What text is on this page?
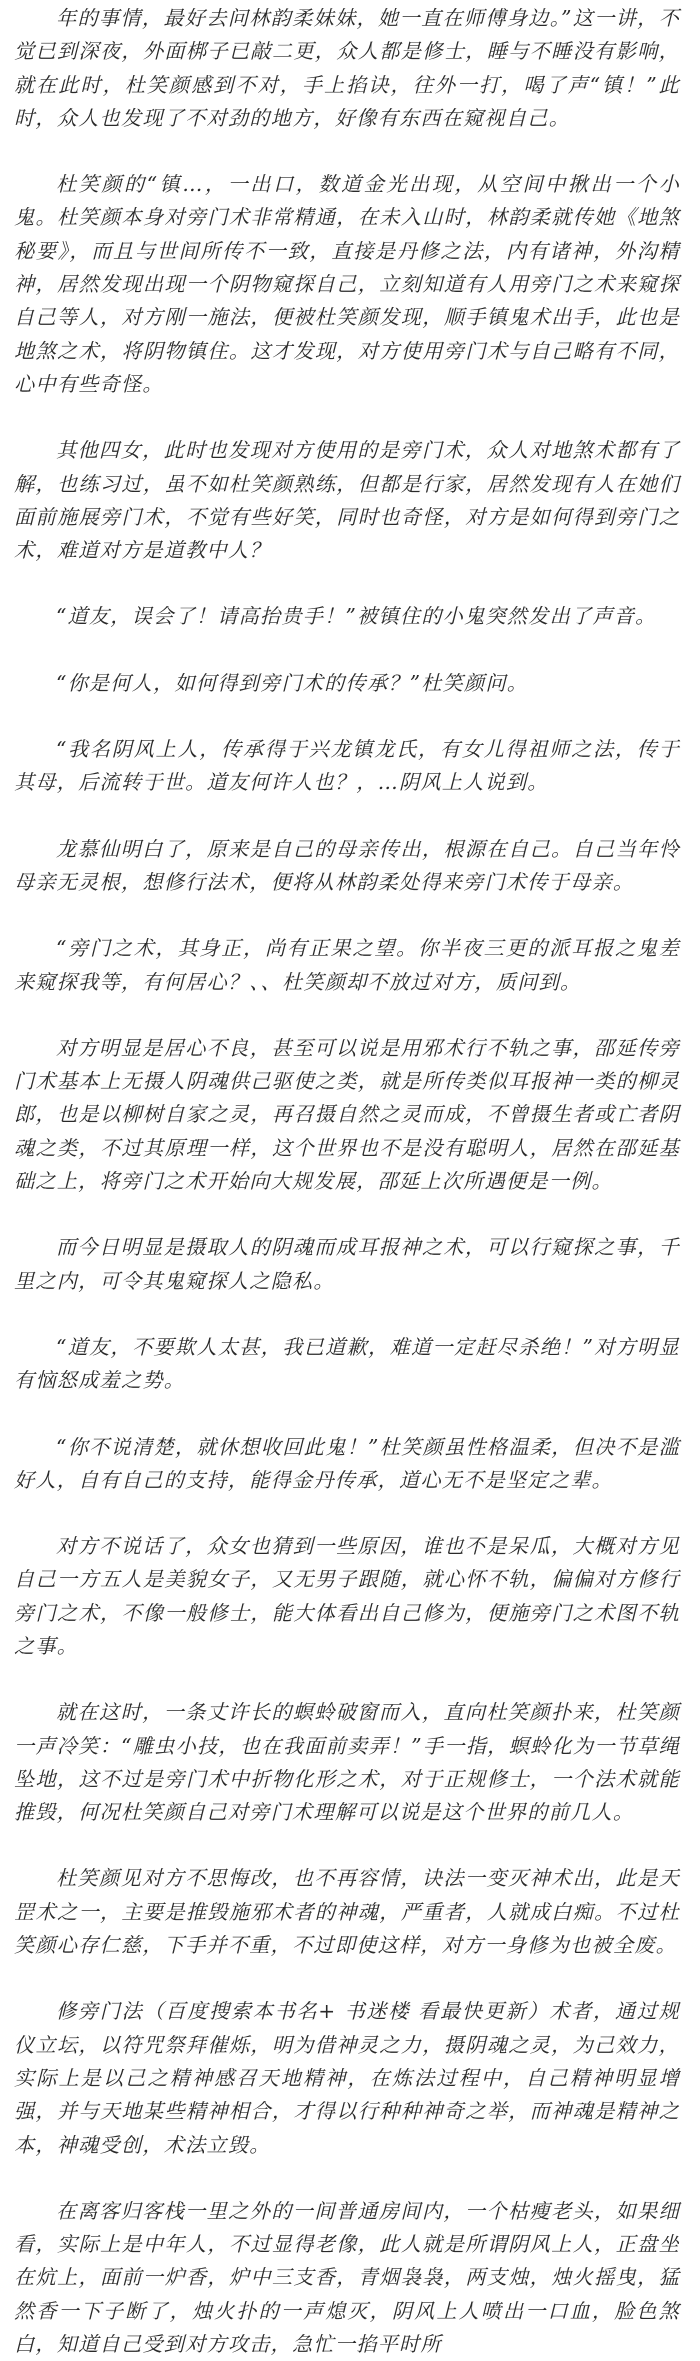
年的事情，最好去问林韵柔妹妹，她一直在师傅身边。”这一讲，不觉已到深夜，外面梆子已敲二更，众人都是修士，睡与不睡没有影响，就在此时，杜笑颜感到不对，手上掐诀，往外一打，喝了声“镇！”此时，众人也发现了不对劲的地方，好像有东西在窥视自己。

杜笑颜的“镇…，一出口，数道金光出现，从空间中揪出一个小鬼。杜笑颜本身对旁门术非常精通，在未入山时，林韵柔就传她《地煞秘要》，而且与世间所传不一致，直接是丹修之法，内有诸神，外沟精神，居然发现出现一个阴物窥探自己，立刻知道有人用旁门之术来窥探自己等人，对方刚一施法，便被杜笑颜发现，顺手镇鬼术出手，此也是地煞之术，将阴物镇住。这才发现，对方使用旁门术与自己略有不同，心中有些奇怪。

其他四女，此时也发现对方使用的是旁门术，众人对地煞术都有了解，也练习过，虽不如杜笑颜熟练，但都是行家，居然发现有人在她们面前施展旁门术，不觉有些好笑，同时也奇怪，对方是如何得到旁门之术，难道对方是道教中人？

“道友，误会了！请高抬贵手！”被镇住的小鬼突然发出了声音。

“你是何人，如何得到旁门术的传承？”杜笑颜问。

“我名阴风上人，传承得于兴龙镇龙氏，有女儿得祖师之法，传于其母，后流转于世。道友何许人也？，…阴风上人说到。

龙慕仙明白了，原来是自己的母亲传出，根源在自己。自己当年怜母亲无灵根，想修行法术，便将从林韵柔处得来旁门术传于母亲。

“旁门之术，其身正，尚有正果之望。你半夜三更的派耳报之鬼差来窥探我等，有何居心？、、杜笑颜却不放过对方，质问到。

对方明显是居心不良，甚至可以说是用邪术行不轨之事，邵延传旁门术基本上无摄人阴魂供己驱使之类，就是所传类似耳报神一类的柳灵郎，也是以柳树自家之灵，再召摄自然之灵而成，不曾摄生者或亡者阴魂之类，不过其原理一样，这个世界也不是没有聪明人，居然在邵延基础之上，将旁门之术开始向大规发展，邵延上次所遇便是一例。

而今日明显是摄取人的阴魂而成耳报神之术，可以行窥探之事，千里之内，可令其鬼窥探人之隐私。

“道友，不要欺人太甚，我已道歉，难道一定赶尽杀绝！”对方明显有恼怒成羞之势。

“你不说清楚，就休想收回此鬼！”杜笑颜虽性格温柔，但决不是滥好人，自有自己的支持，能得金丹传承，道心无不是坚定之辈。

对方不说话了，众女也猜到一些原因，谁也不是呆瓜，大概对方见自己一方五人是美貌女子，又无男子跟随，就心怀不轨，偏偏对方修行旁门之术，不像一般修士，能大体看出自己修为，便施旁门之术图不轨之事。

就在这时，一条丈许长的螟蛉破窗而入，直向杜笑颜扑来，杜笑颜一声冷笑：“雕虫小技，也在我面前卖弄！”手一指，螟蛉化为一节草绳坠地，这不过是旁门术中折物化形之术，对于正规修士，一个法术就能推毁，何况杜笑颜自己对旁门术理解可以说是这个世界的前几人。

杜笑颜见对方不思悔改，也不再容情，诀法一变灭神术出，此是天罡术之一，主要是推毁施邪术者的神魂，严重者，人就成白痴。不过杜笑颜心存仁慈，下手并不重，不过即使这样，对方一身修为也被全废。

修旁门法（百度搜索本书名+ 书迷楼 看最快更新）术者，通过规仪立坛，以符咒祭拜催烁，明为借神灵之力，摄阴魂之灵，为己效力，实际上是以己之精神感召天地精神，在炼法过程中，自己精神明显增强，并与天地某些精神相合，才得以行种种神奇之举，而神魂是精神之本，神魂受创，术法立毁。

在离客归客栈一里之外的一间普通房间内，一个枯瘦老头，如果细看，实际上是中年人，不过显得老像，此人就是所谓阴风上人，正盘坐在炕上，面前一炉香，炉中三支香，青烟袅袅，两支烛，烛火摇曳，猛然香一下子断了，烛火扑的一声熄灭，阴风上人喷出一口血，脸色煞白，知道自己受到对方攻击，急忙一掐平时所
